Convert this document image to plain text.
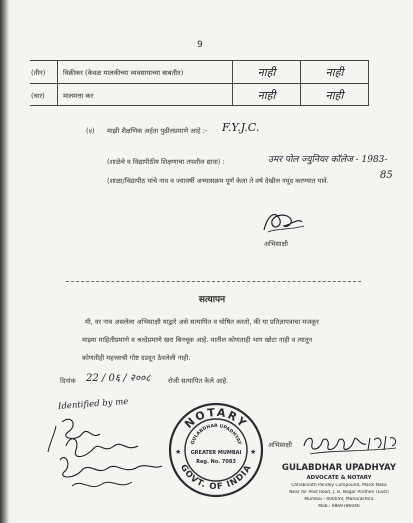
9
(तीन)	विक्रीकर (केवळ मालकीच्या व्यवसायाच्या बाबतीत)	नाही	नाही
(चार)	मालमत्ता कर	नाही	नाही
(४)	माझी शैक्षणिक अर्हता पुढीलप्रमाणे आहे :-	F.Y.J.C.
(शाळेचे व विद्यापीठीय शिक्षणाचा तपशील द्यावा) :	उमर पोल ज्युनियर कॉलेज - 1983-
(शाळा/विद्यापीठ यांचे नाव व ज्यावर्षी अभ्यासक्रम पूर्ण केला ते वर्ष देखील नमूद करण्यात यावे.	85
अभिसाक्षी
सत्यापन
मी, वर नाव असलेला अभिसाक्षी याद्वारे असे सत्यापित व घोषित करतो, की या प्रतिज्ञापत्राचा मजकूर
माझ्या माहितीप्रमाणे व श्रध्देप्रमाणे खरा बिनचूक आहे. यातील कोणताही भाग खोटा नाही व त्यातून
कोणतीही महत्त्वाची गोष्ट दडवून ठेवलेली नाही.
दिनांक	22 / 0६ / २००८	रोजी सत्यापित केले आहे.
Identified by me
NOTARY
GOVT. OF INDIA
GULABDHAR UPADHYAY
GREATER MUMBAI
Reg. No. 7083
★	★
अभिसाक्षी
GULABDHAR UPADHYAY
ADVOCATE & NOTARY
Chhabinath Pandey Compound, Marol Naka
Near Air Post Road, J. B. Nagar Andheri (East)
Mumbai - 400059, Maharashtra
Mob.: 9869786046
